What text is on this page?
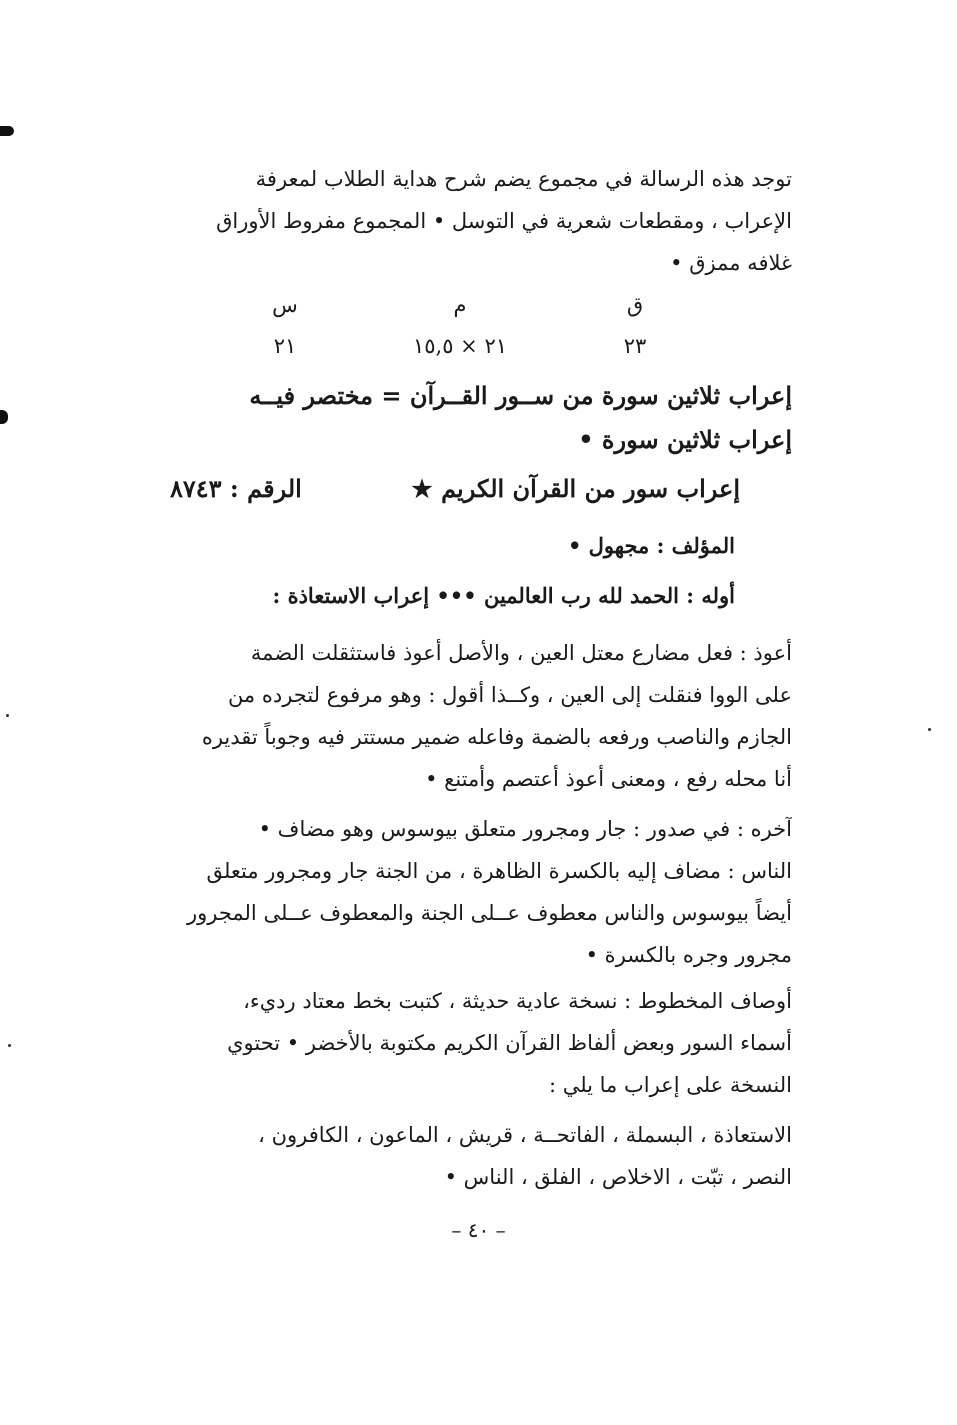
توجد هذه الرسالة في مجموع يضم شرح هداية الطلاب لمعرفة
الإعراب ، ومقطعات شعرية في التوسل • المجموع مفروط الأوراق
غلافه ممزق •
ق
م
س
٢٣
٢١ × ١٥,٥
٢١
إعراب ثلاثين سورة من ســور القــرآن = مختصر فيــه
إعراب ثلاثين سورة •
إعراب سور من القرآن الكريم ★
الرقم : ٨٧٤٣
المؤلف : مجهول •
أوله : الحمد لله رب العالمين ••• إعراب الاستعاذة :
أعوذ : فعل مضارع معتل العين ، والأصل أعوذ فاستثقلت الضمة
على الووا فنقلت إلى العين ، وكــذا أقول : وهو مرفوع لتجرده من
الجازم والناصب ورفعه بالضمة وفاعله ضمير مستتر فيه وجوباً تقديره
أنا محله رفع ، ومعنى أعوذ أعتصم وأمتنع •
آخره : في صدور : جار ومجرور متعلق بيوسوس وهو مضاف •
الناس : مضاف إليه بالكسرة الظاهرة ، من الجنة جار ومجرور متعلق
أيضاً بيوسوس والناس معطوف عــلى الجنة والمعطوف عــلى المجرور
مجرور وجره بالكسرة •
أوصاف المخطوط : نسخة عادية حديثة ، كتبت بخط معتاد رديء،
أسماء السور وبعض ألفاظ القرآن الكريم مكتوبة بالأخضر • تحتوي
النسخة على إعراب ما يلي :
الاستعاذة ، البسملة ، الفاتحــة ، قريش ، الماعون ، الكافرون ،
النصر ، تبّت ، الاخلاص ، الفلق ، الناس •
– ٤٠ –
